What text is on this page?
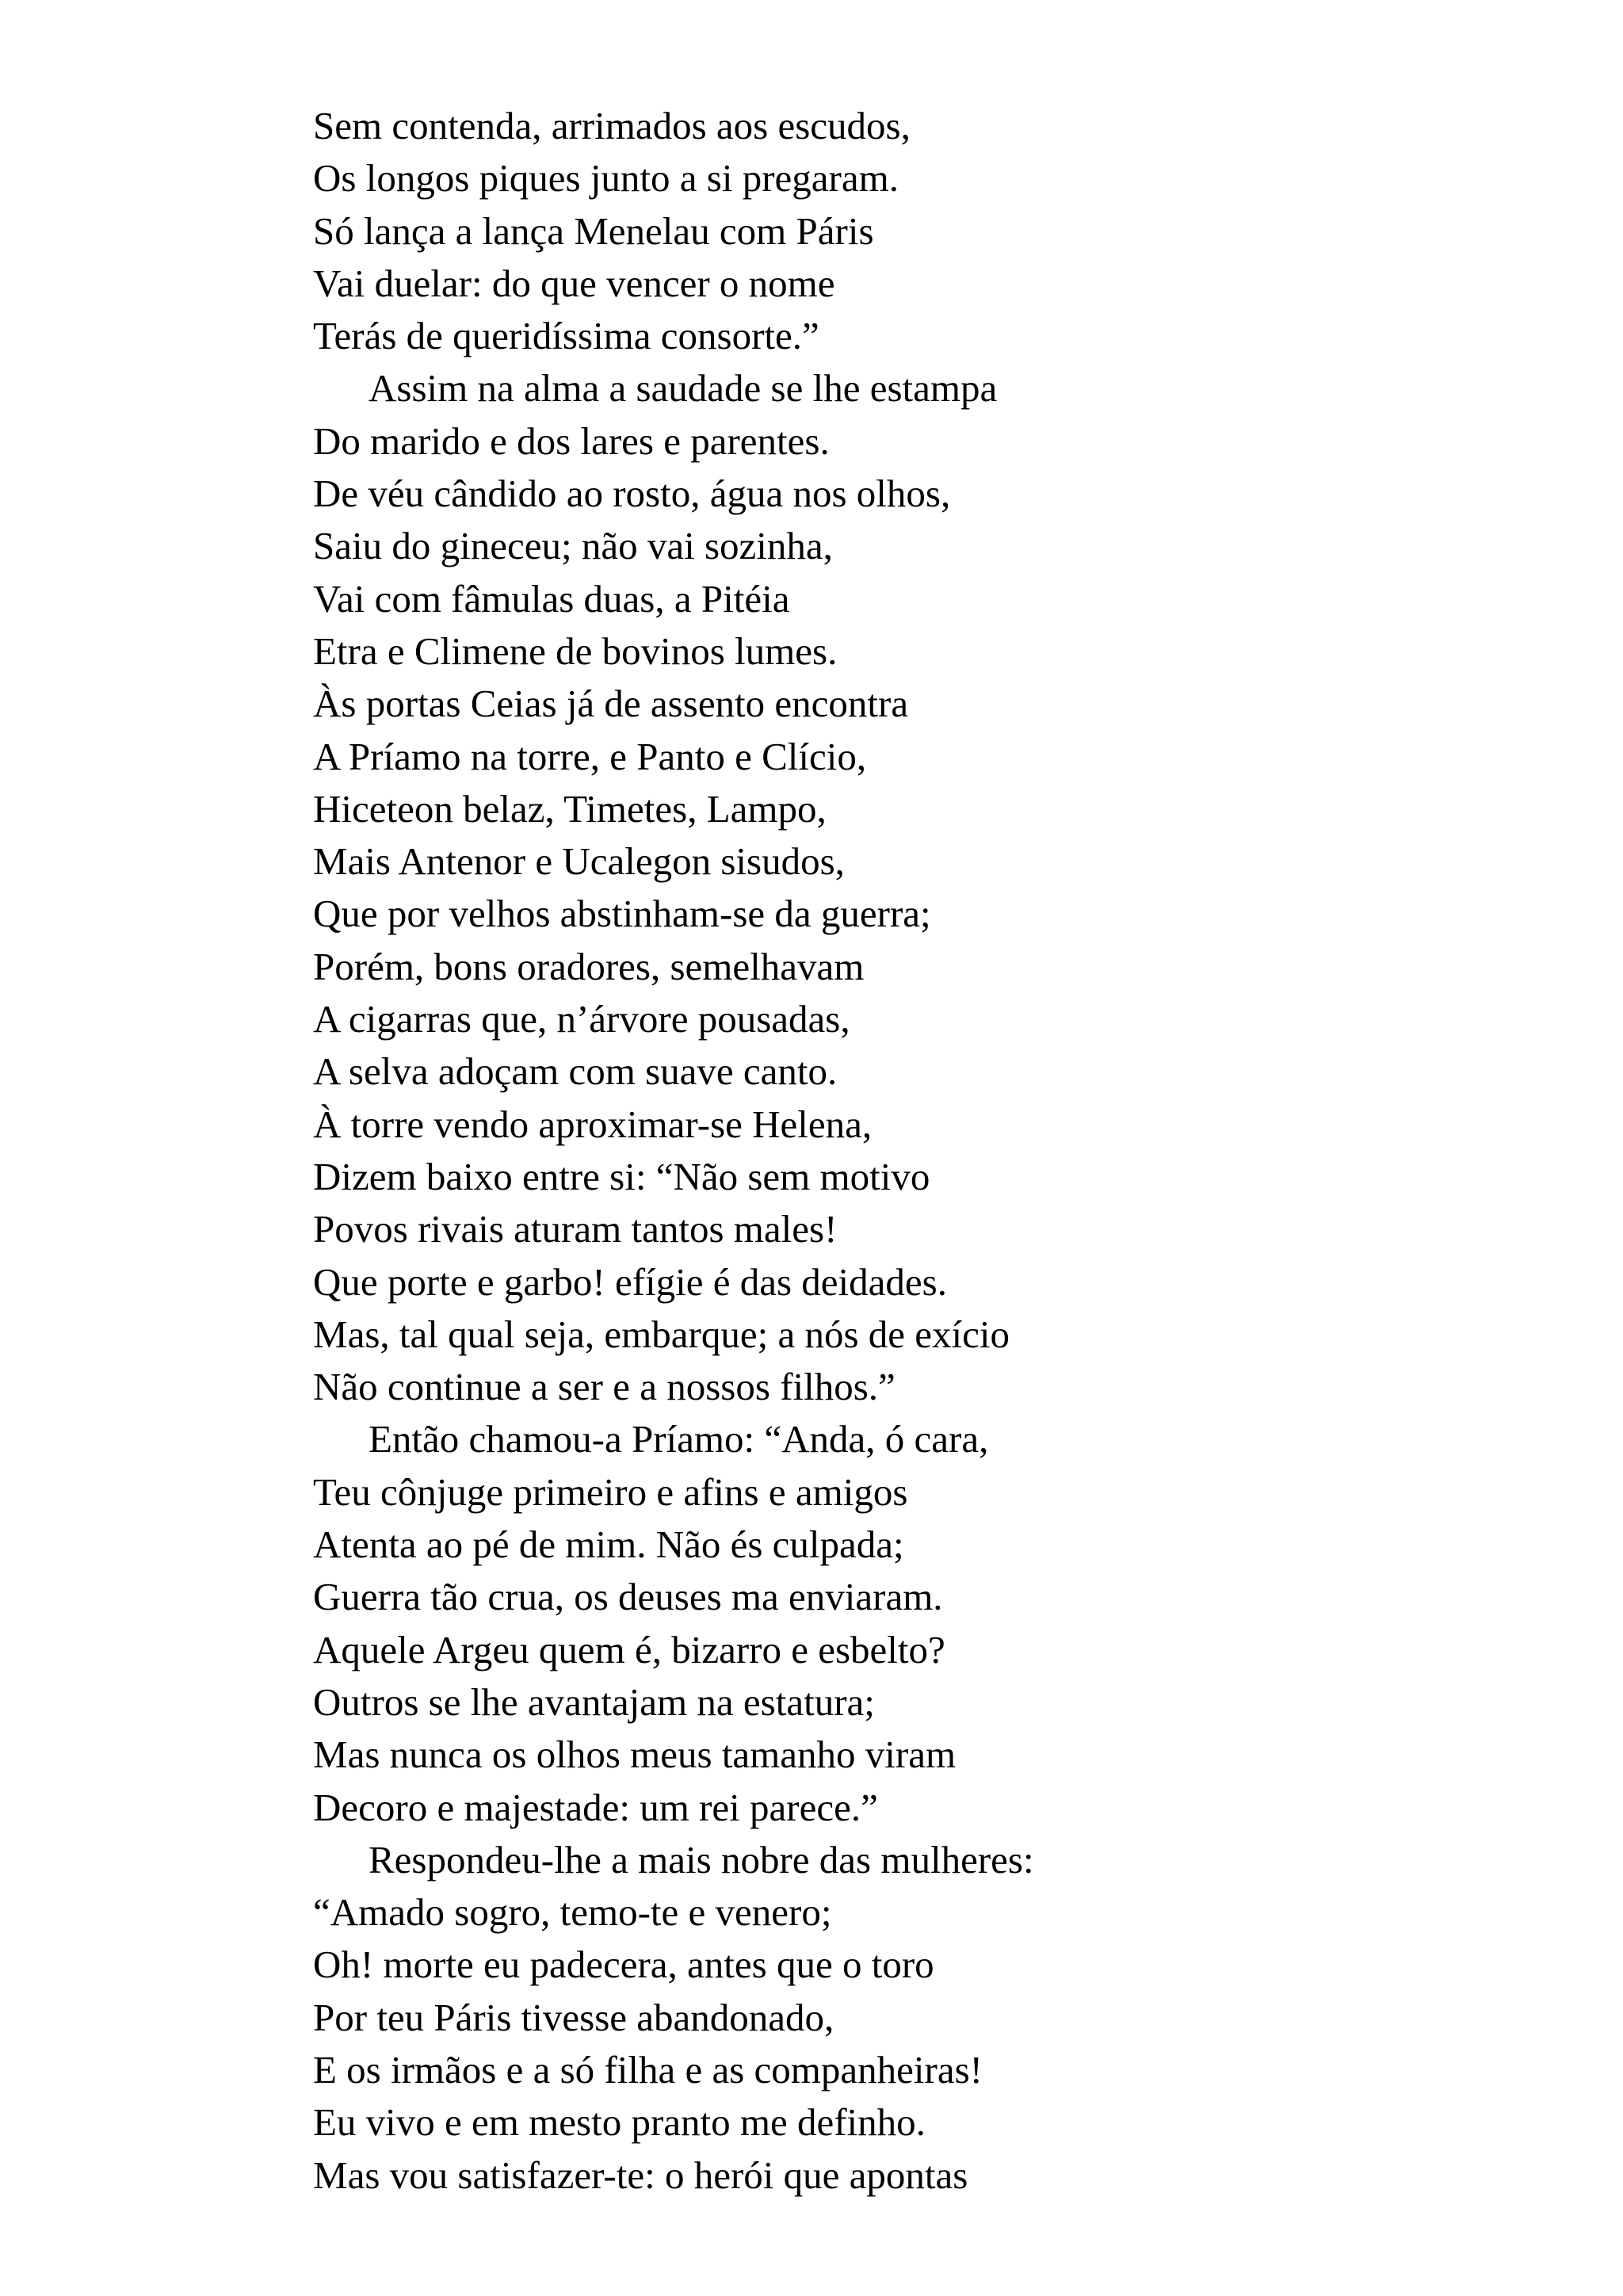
Sem contenda, arrimados aos escudos,
Os longos piques junto a si pregaram.
Só lança a lança Menelau com Páris
Vai duelar: do que vencer o nome
Terás de queridíssima consorte.”
Assim na alma a saudade se lhe estampa
Do marido e dos lares e parentes.
De véu cândido ao rosto, água nos olhos,
Saiu do gineceu; não vai sozinha,
Vai com fâmulas duas, a Pitéia
Etra e Climene de bovinos lumes.
Às portas Ceias já de assento encontra
A Príamo na torre, e Panto e Clício,
Hiceteon belaz, Timetes, Lampo,
Mais Antenor e Ucalegon sisudos,
Que por velhos abstinham-se da guerra;
Porém, bons oradores, semelhavam
A cigarras que, n’árvore pousadas,
A selva adoçam com suave canto.
À torre vendo aproximar-se Helena,
Dizem baixo entre si: “Não sem motivo
Povos rivais aturam tantos males!
Que porte e garbo! efígie é das deidades.
Mas, tal qual seja, embarque; a nós de exício
Não continue a ser e a nossos filhos.”
Então chamou-a Príamo: “Anda, ó cara,
Teu cônjuge primeiro e afins e amigos
Atenta ao pé de mim. Não és culpada;
Guerra tão crua, os deuses ma enviaram.
Aquele Argeu quem é, bizarro e esbelto?
Outros se lhe avantajam na estatura;
Mas nunca os olhos meus tamanho viram
Decoro e majestade: um rei parece.”
Respondeu-lhe a mais nobre das mulheres:
“Amado sogro, temo-te e venero;
Oh! morte eu padecera, antes que o toro
Por teu Páris tivesse abandonado,
E os irmãos e a só filha e as companheiras!
Eu vivo e em mesto pranto me definho.
Mas vou satisfazer-te: o herói que apontas
